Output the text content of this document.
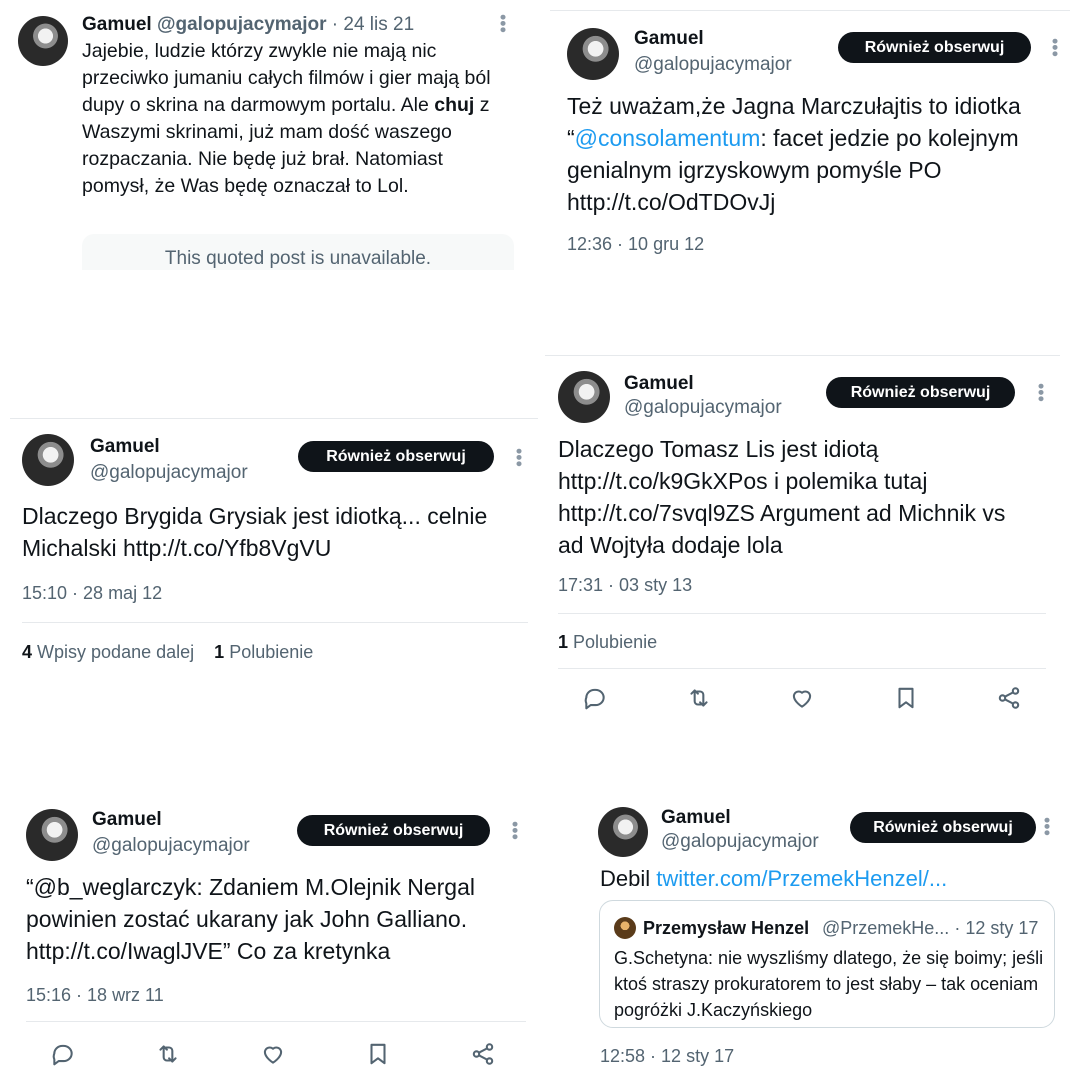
Gamuel @galopujacymajor · 24 lis 21	•••
Jajebie, ludzie którzy zwykle nie mają nic przeciwko jumaniu całych filmów i gier mają ból dupy o skrina na darmowym portalu. Ale chuj z Waszymi skrinami, już mam dość waszego rozpaczania. Nie będę już brał. Natomiast pomysł, że Was będę oznaczał to Lol.
This quoted post is unavailable.
Gamuel
@galopujacymajor
Również obserwuj	•••
Też uważam,że Jagna Marczułajtis to idiotka “@consolamentum: facet jedzie po kolejnym genialnym igrzyskowym pomyśle PO http://t.co/OdTDOvJj
12:36 · 10 gru 12
Gamuel
@galopujacymajor
Również obserwuj	•••
Dlaczego Brygida Grysiak jest idiotką... celnie Michalski http://t.co/Yfb8VgVU
15:10 · 28 maj 12
4 Wpisy podane dalej 1 Polubienie
Gamuel
@galopujacymajor
Również obserwuj	•••
Dlaczego Tomasz Lis jest idiotą http://t.co/k9GkXPos i polemika tutaj http://t.co/7svql9ZS Argument ad Michnik vs ad Wojtyła dodaje lola
17:31 · 03 sty 13
1 Polubienie
Gamuel
@galopujacymajor
Również obserwuj	•••
“@b_weglarczyk: Zdaniem M.Olejnik Nergal powinien zostać ukarany jak John Galliano. http://t.co/IwaglJVE” Co za kretynka
15:16 · 18 wrz 11
Gamuel
@galopujacymajor
Również obserwuj	•••
Debil twitter.com/PrzemekHenzel/...
Przemysław Henzel @PrzemekHe... · 12 sty 17
G.Schetyna: nie wyszliśmy dlatego, że się boimy; jeśli ktoś straszy prokuratorem to jest słaby – tak oceniam pogróżki J.Kaczyńskiego
12:58 · 12 sty 17
